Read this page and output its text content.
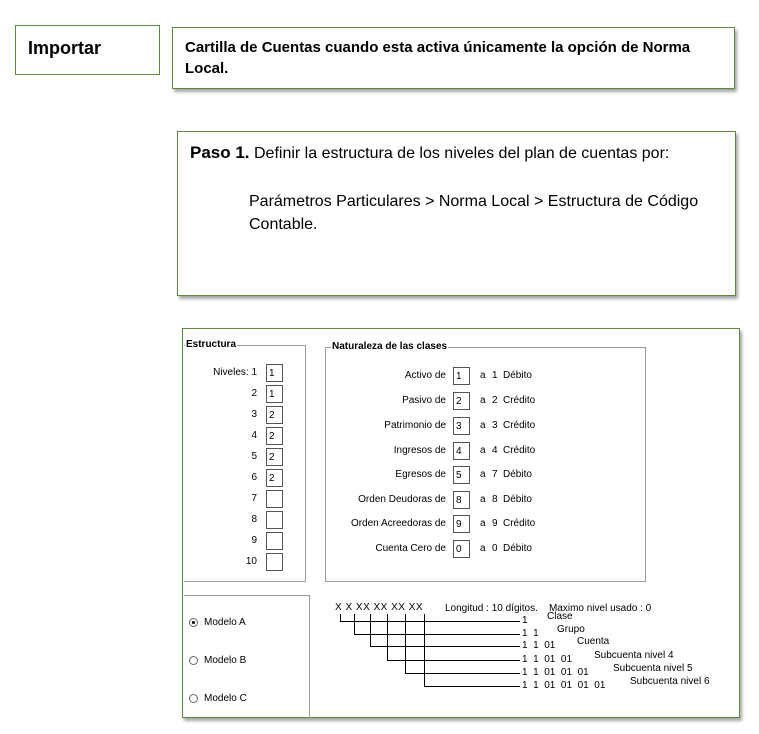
Importar	Cartilla de Cuentas cuando esta activa únicamente la opción de Norma Local.
Paso 1. Definir la estructura de los niveles del plan de cuentas por:
Parámetros Particulares > Norma Local > Estructura de Código Contable.
Estructura	Naturaleza de las clases
Niveles: 1	1
2	1
3	2
4	2
5	2
6	2
7
8
9
10
Activo de	1	a 1 Débito
Pasivo de	2	a 2 Crédito
Patrimonio de	3	a 3 Crédito
Ingresos de	4	a 4 Crédito
Egresos de	5	a 7 Débito
Orden Deudoras de	8	a 8 Débito
Orden Acreedoras de	9	a 9 Crédito
Cuenta Cero de	0	a 0 Débito
Modelo A
Modelo B
Modelo C
X X XX XX XX XX Longitud : 10 dígitos.    Maximo nivel usado : 0
1
1  1
1  1  01
1  1  01  01
1  1  01  01  01
1  1  01  01  01  01
Clase
Grupo
Cuenta
Subcuenta nivel 4
Subcuenta nivel 5
Subcuenta nivel 6
